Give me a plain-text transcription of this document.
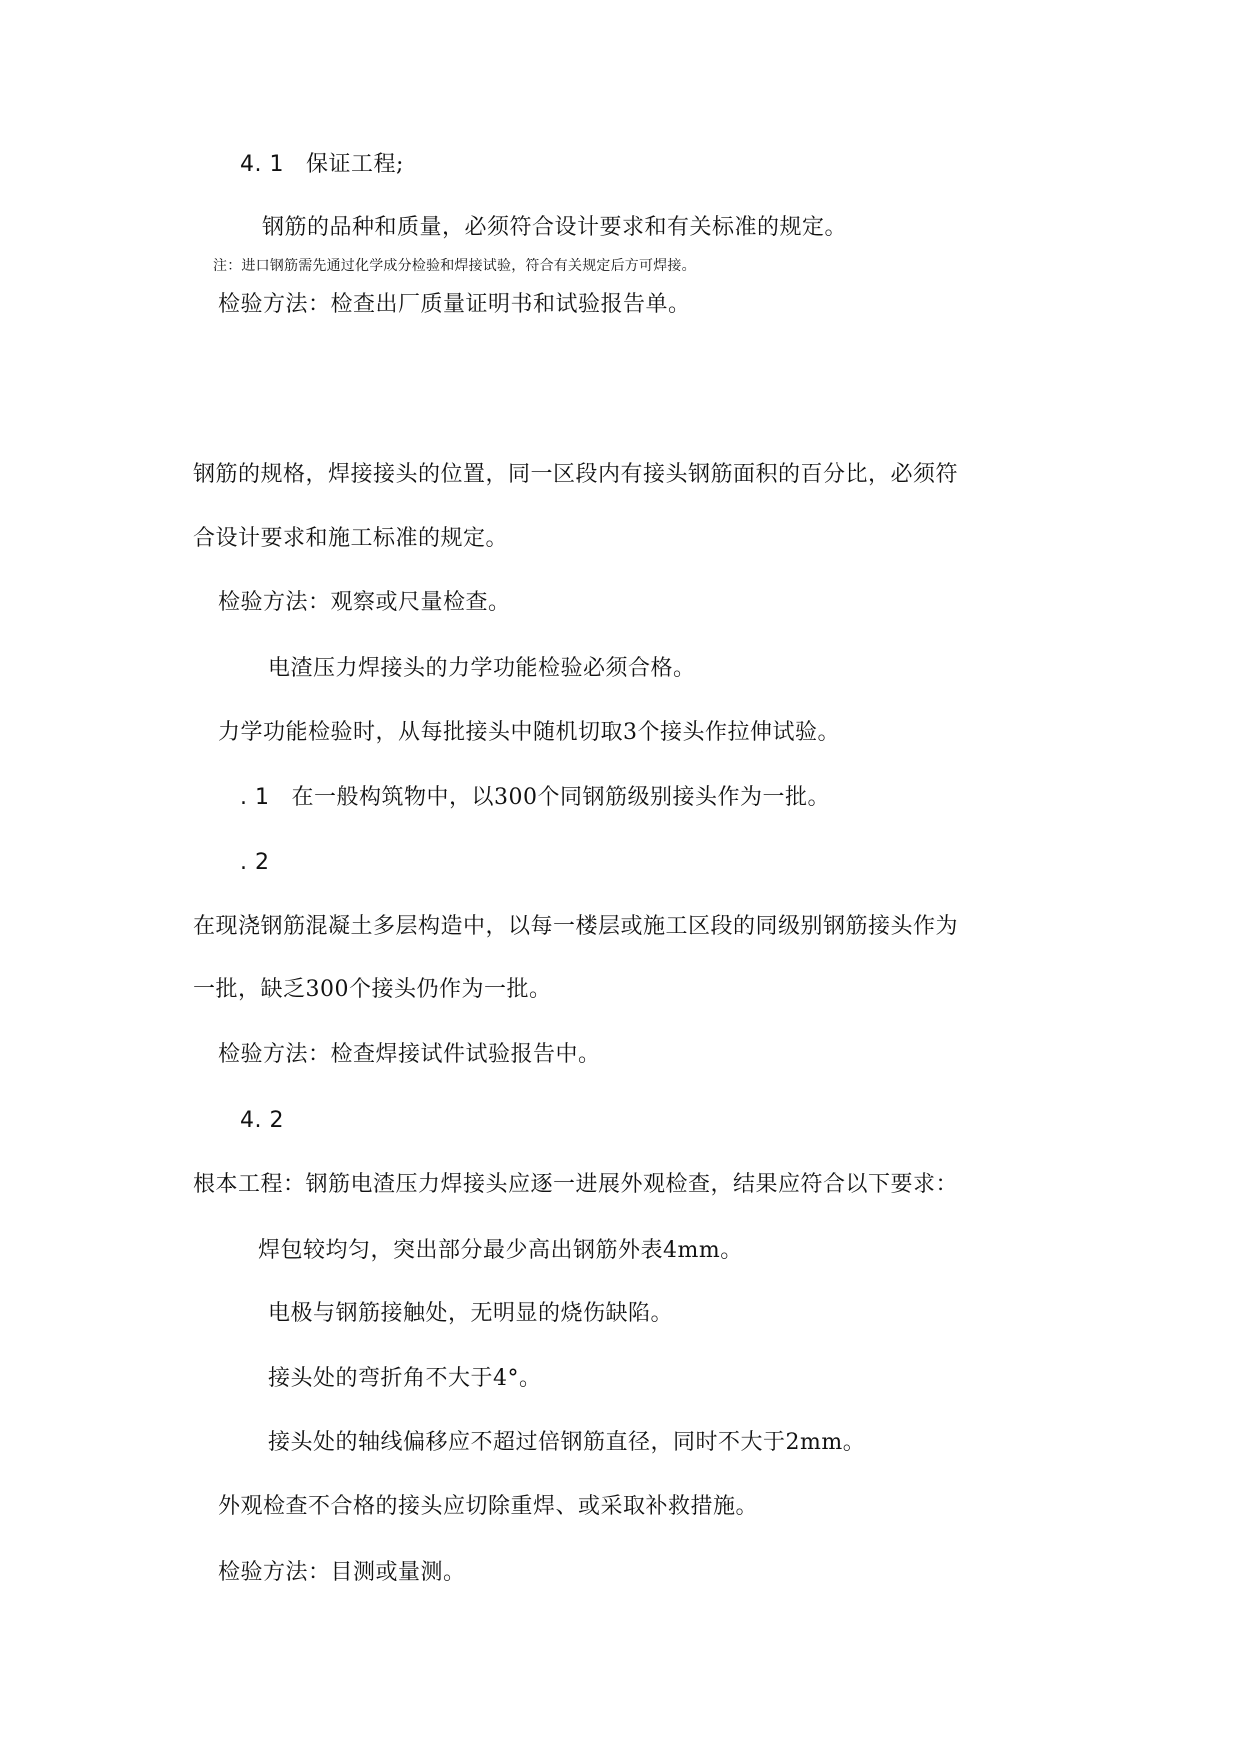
4. 1 保证工程;
钢筋的品种和质量，必须符合设计要求和有关标准的规定。
注：进口钢筋需先通过化学成分检验和焊接试验，符合有关规定后方可焊接。
检验方法：检查出厂质量证明书和试验报告单。
钢筋的规格，焊接接头的位置，同一区段内有接头钢筋面积的百分比，必须符
合设计要求和施工标准的规定。
检验方法：观察或尺量检查。
电渣压力焊接头的力学功能检验必须合格。
力学功能检验时，从每批接头中随机切取3个接头作拉伸试验。
. 1 在一般构筑物中，以300个同钢筋级别接头作为一批。
. 2
在现浇钢筋混凝土多层构造中，以每一楼层或施工区段的同级别钢筋接头作为
一批，缺乏300个接头仍作为一批。
检验方法：检查焊接试件试验报告中。
4. 2
根本工程：钢筋电渣压力焊接头应逐一进展外观检查，结果应符合以下要求：
焊包较均匀，突出部分最少高出钢筋外表4mm。
电极与钢筋接触处，无明显的烧伤缺陷。
接头处的弯折角不大于4°。
接头处的轴线偏移应不超过倍钢筋直径，同时不大于2mm。
外观检查不合格的接头应切除重焊、或采取补救措施。
检验方法：目测或量测。
